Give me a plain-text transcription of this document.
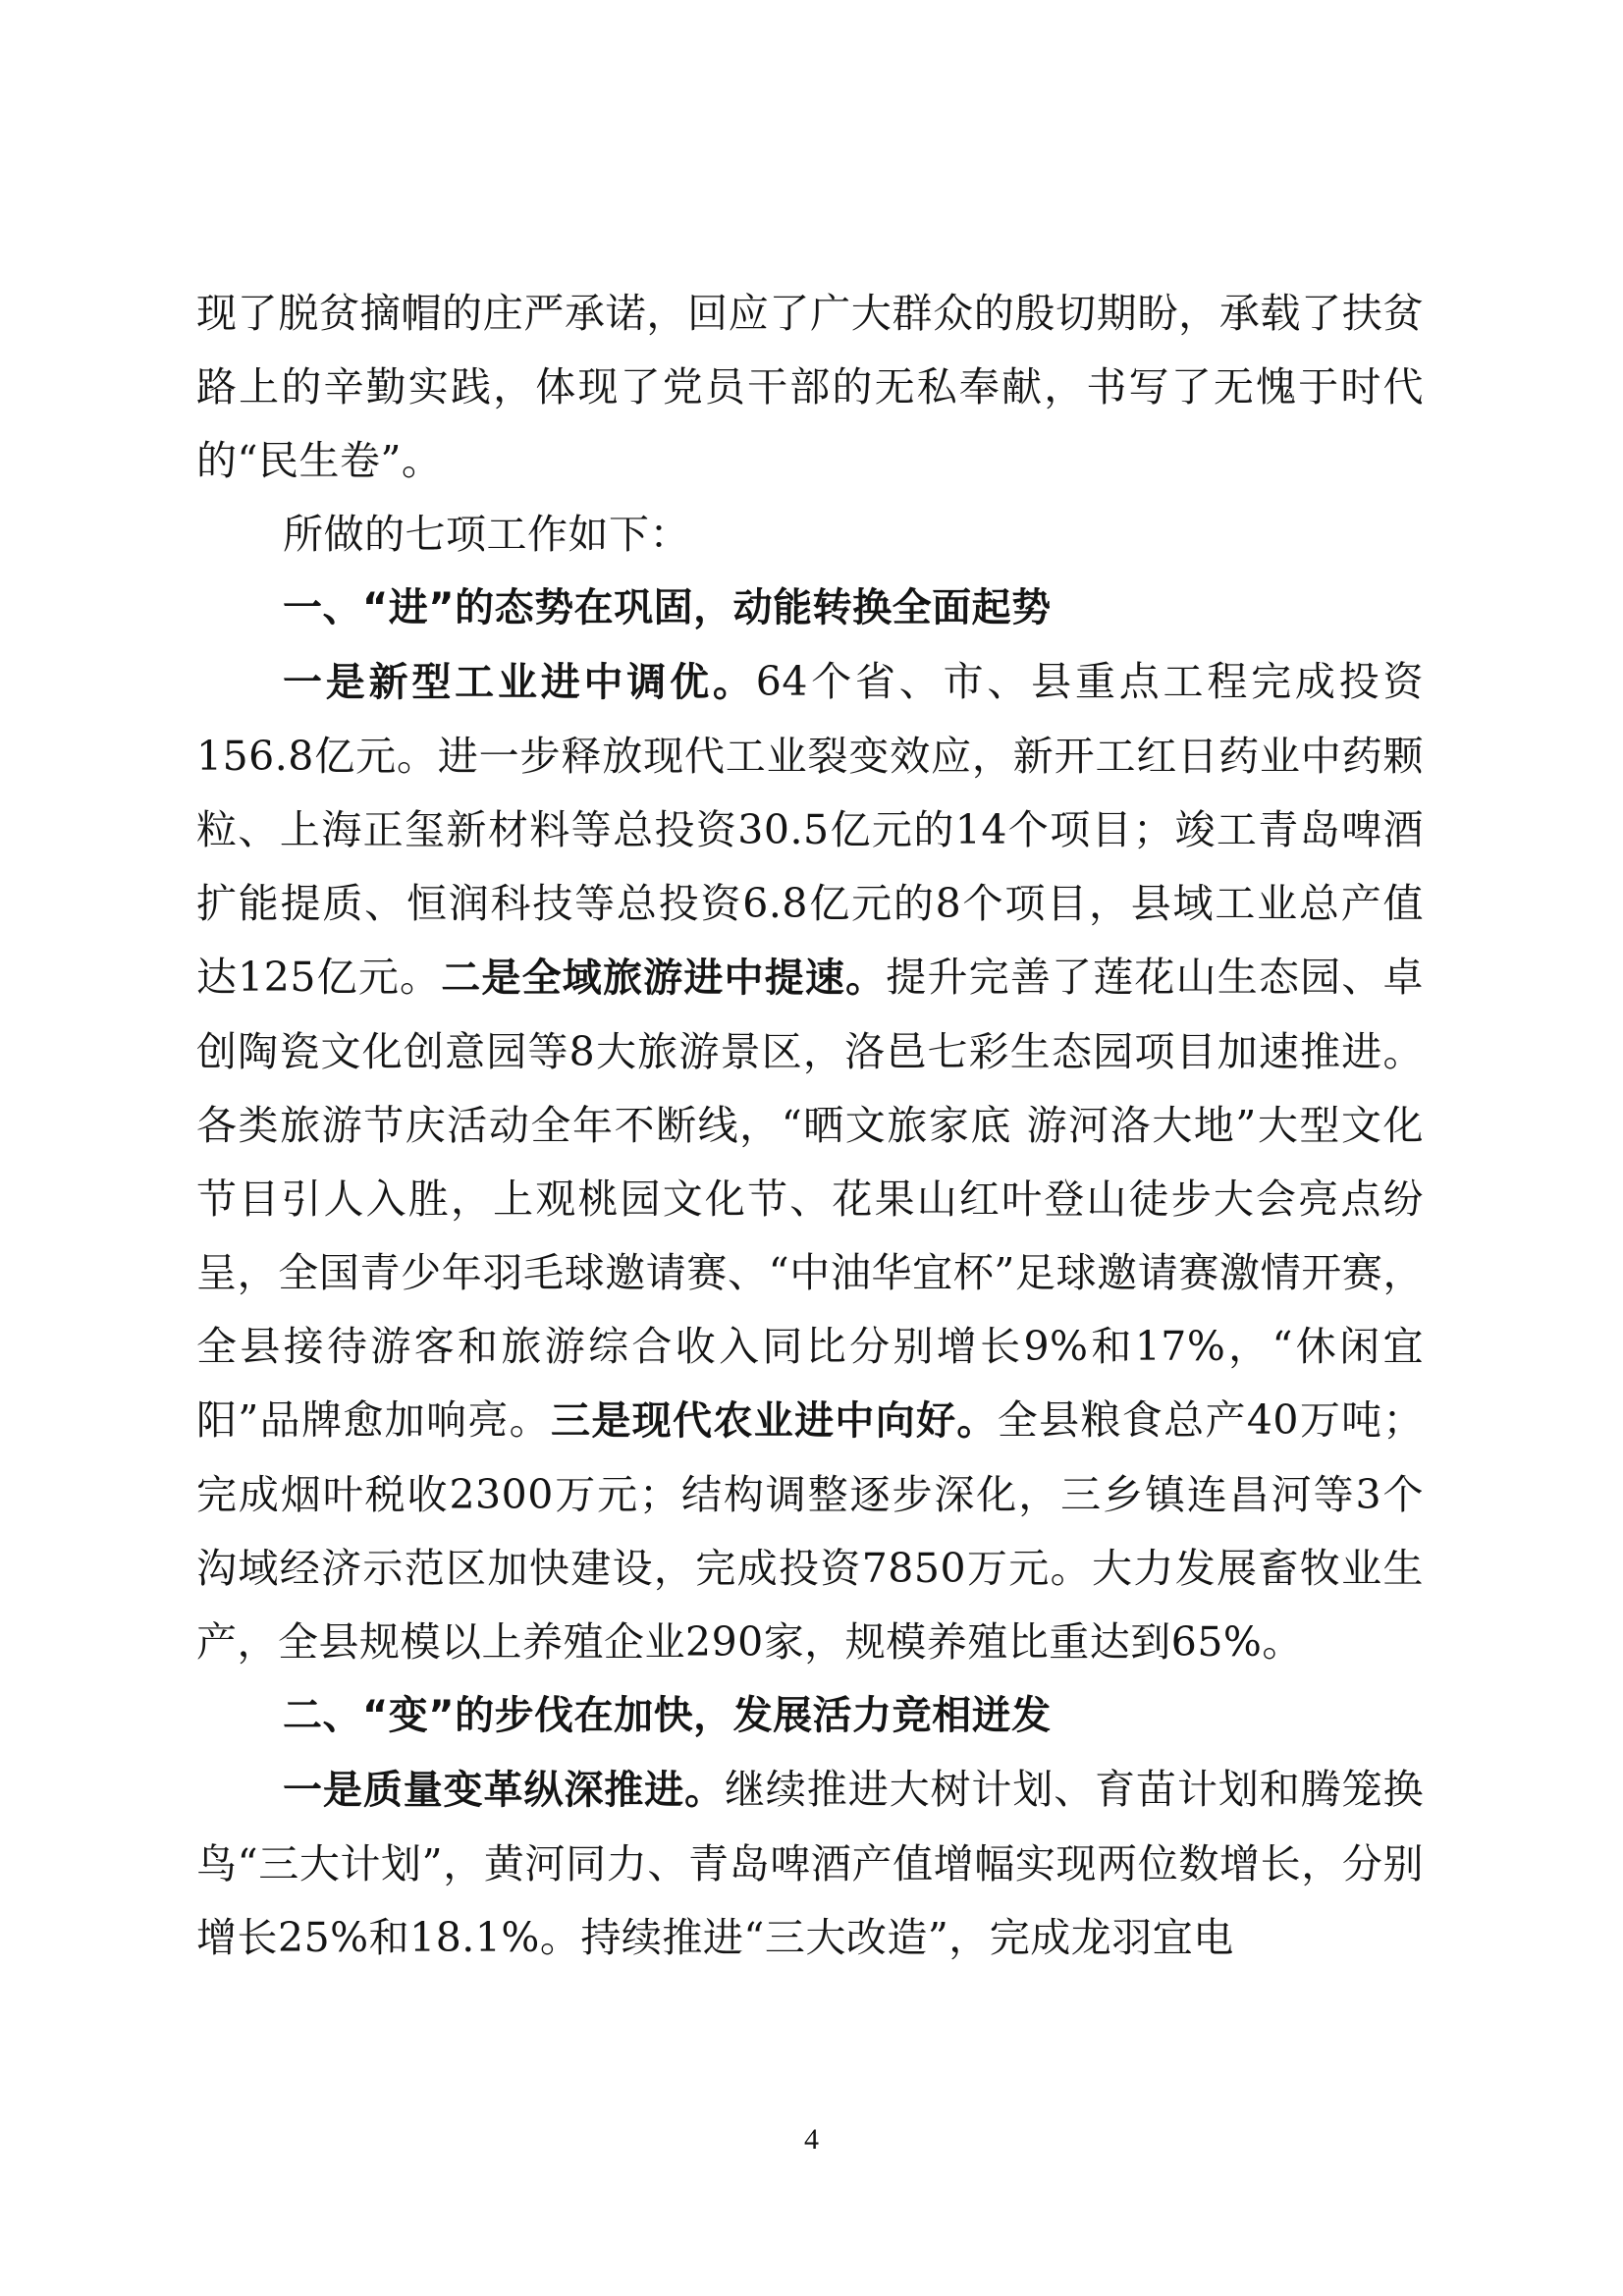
现了脱贫摘帽的庄严承诺，回应了广大群众的殷切期盼，承载了扶贫路上的辛勤实践，体现了党员干部的无私奉献，书写了无愧于时代的“民生卷”。

所做的七项工作如下：

一、“进”的态势在巩固，动能转换全面起势

一是新型工业进中调优。64个省、市、县重点工程完成投资156.8亿元。进一步释放现代工业裂变效应，新开工红日药业中药颗粒、上海正玺新材料等总投资30.5亿元的14个项目；竣工青岛啤酒扩能提质、恒润科技等总投资6.8亿元的8个项目，县域工业总产值达125亿元。二是全域旅游进中提速。提升完善了莲花山生态园、卓创陶瓷文化创意园等8大旅游景区，洛邑七彩生态园项目加速推进。各类旅游节庆活动全年不断线，“晒文旅家底 游河洛大地”大型文化节目引人入胜，上观桃园文化节、花果山红叶登山徒步大会亮点纷呈，全国青少年羽毛球邀请赛、“中油华宜杯”足球邀请赛激情开赛，全县接待游客和旅游综合收入同比分别增长9%和17%，“休闲宜阳”品牌愈加响亮。三是现代农业进中向好。全县粮食总产40万吨；完成烟叶税收2300万元；结构调整逐步深化，三乡镇连昌河等3个沟域经济示范区加快建设，完成投资7850万元。大力发展畜牧业生产，全县规模以上养殖企业290家，规模养殖比重达到65%。

二、“变”的步伐在加快，发展活力竞相迸发

一是质量变革纵深推进。继续推进大树计划、育苗计划和腾笼换鸟“三大计划”，黄河同力、青岛啤酒产值增幅实现两位数增长，分别增长25%和18.1%。持续推进“三大改造”，完成龙羽宜电

4
